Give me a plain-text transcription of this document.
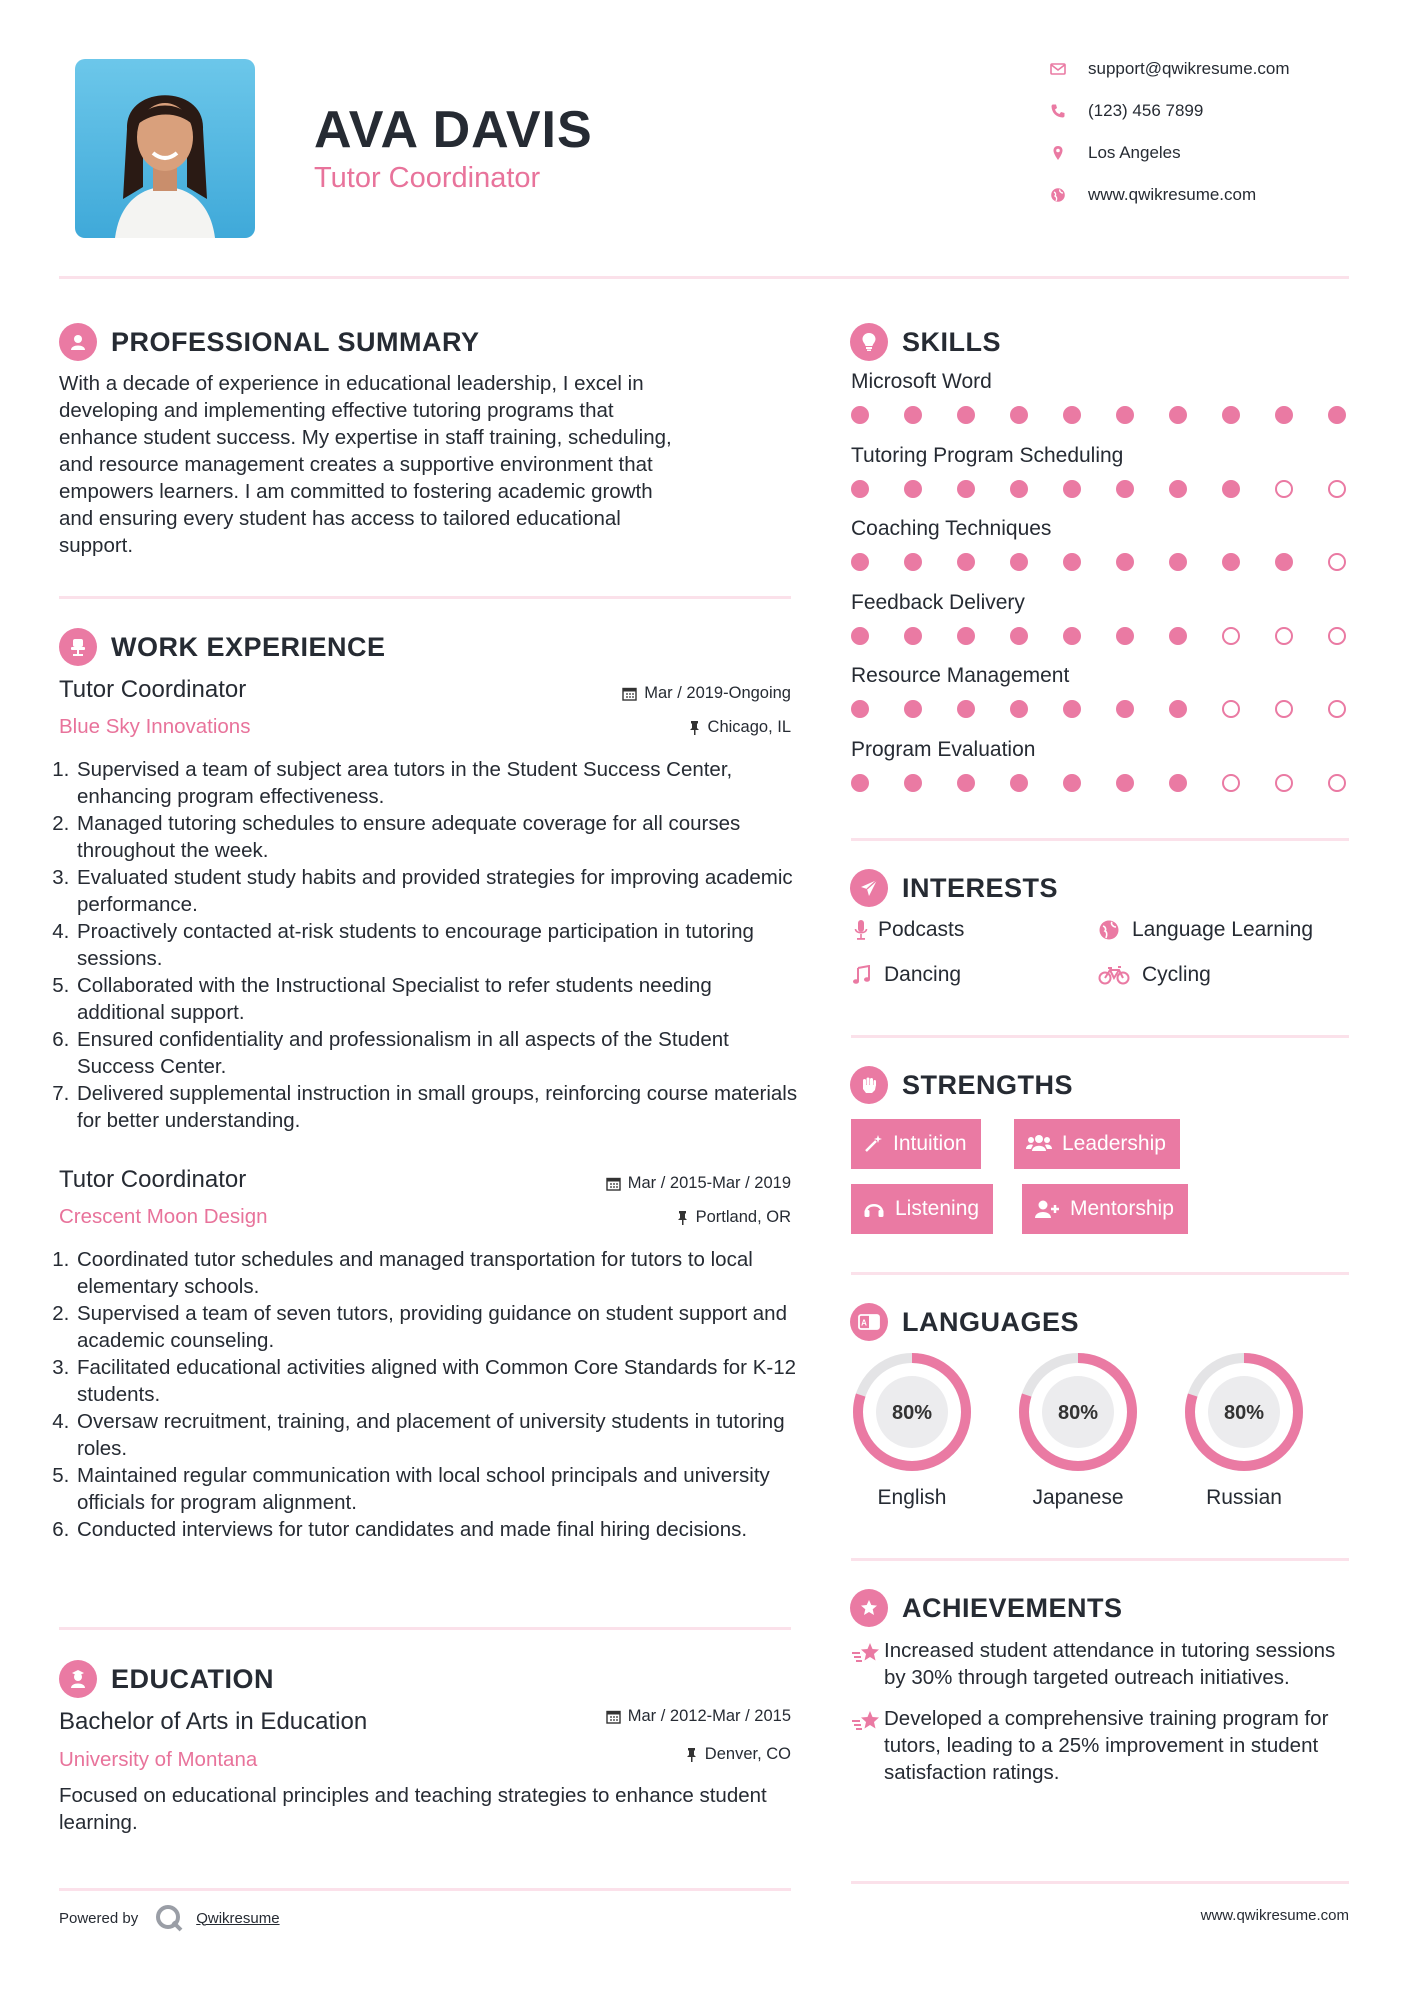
AVA DAVIS
Tutor Coordinator
support@qwikresume.com
(123) 456 7899
Los Angeles
www.qwikresume.com
PROFESSIONAL SUMMARY
With a decade of experience in educational leadership, I excel in
developing and implementing effective tutoring programs that
enhance student success. My expertise in staff training, scheduling,
and resource management creates a supportive environment that
empowers learners. I am committed to fostering academic growth
and ensuring every student has access to tailored educational
support.
WORK EXPERIENCE
Tutor Coordinator
Blue Sky Innovations
Mar / 2019-Ongoing
Chicago, IL
1. Supervised a team of subject area tutors in the Student Success Center, enhancing program effectiveness.
2. Managed tutoring schedules to ensure adequate coverage for all courses throughout the week.
3. Evaluated student study habits and provided strategies for improving academic performance.
4. Proactively contacted at-risk students to encourage participation in tutoring sessions.
5. Collaborated with the Instructional Specialist to refer students needing additional support.
6. Ensured confidentiality and professionalism in all aspects of the Student Success Center.
7. Delivered supplemental instruction in small groups, reinforcing course materials for better understanding.
Tutor Coordinator
Crescent Moon Design
Mar / 2015-Mar / 2019
Portland, OR
1. Coordinated tutor schedules and managed transportation for tutors to local elementary schools.
2. Supervised a team of seven tutors, providing guidance on student support and academic counseling.
3. Facilitated educational activities aligned with Common Core Standards for K-12 students.
4. Oversaw recruitment, training, and placement of university students in tutoring roles.
5. Maintained regular communication with local school principals and university officials for program alignment.
6. Conducted interviews for tutor candidates and made final hiring decisions.
EDUCATION
Bachelor of Arts in Education
University of Montana
Mar / 2012-Mar / 2015
Denver, CO
Focused on educational principles and teaching strategies to enhance student learning.
Powered by	Qwikresume	www.qwikresume.com
SKILLS
Microsoft Word
Tutoring Program Scheduling
Coaching Techniques
Feedback Delivery
Resource Management
Program Evaluation
INTERESTS
Podcasts	Language Learning
Dancing	Cycling
STRENGTHS
Intuition	Leadership
Listening	Mentorship
A LANGUAGES
80%
English
80%
Japanese
80%
Russian
ACHIEVEMENTS
Increased student attendance in tutoring sessions by 30% through targeted outreach initiatives.
Developed a comprehensive training program for tutors, leading to a 25% improvement in student satisfaction ratings.
